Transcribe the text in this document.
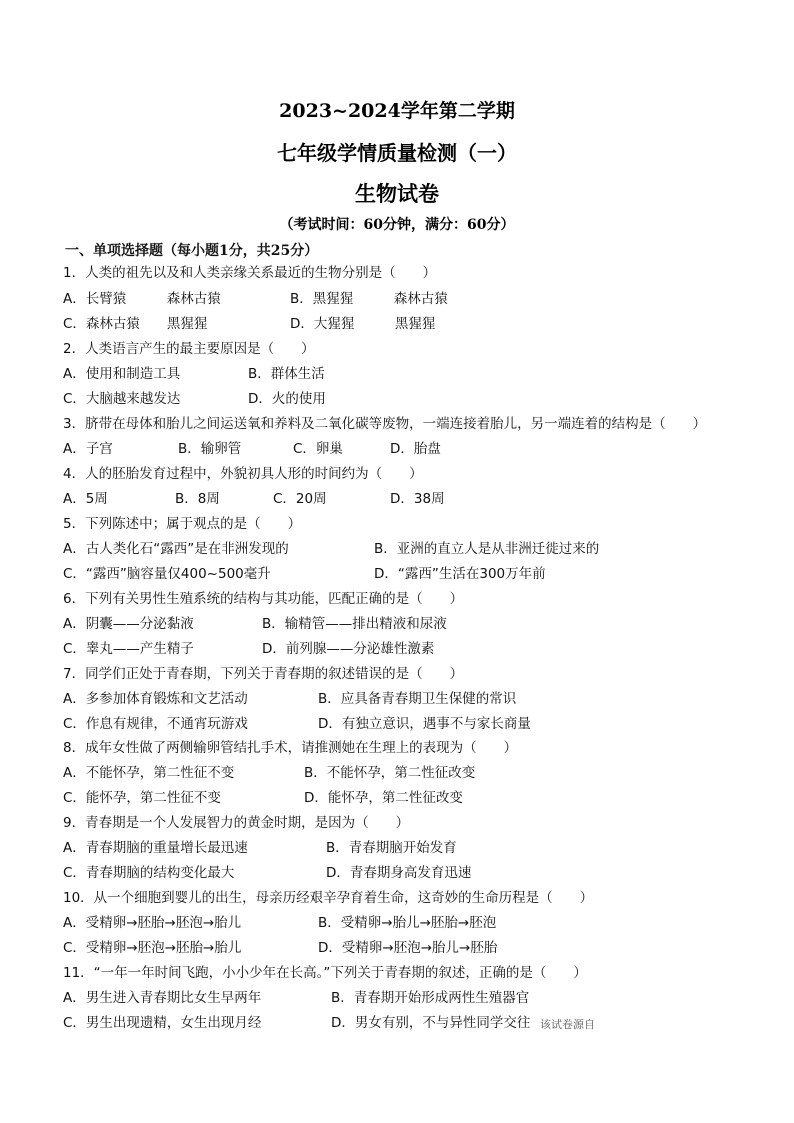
2023~2024学年第二学期
七年级学情质量检测（一）
生物试卷
（考试时间：60分钟，满分：60分）
一、单项选择题（每小题1分，共25分）
1．人类的祖先以及和人类亲缘关系最近的生物分别是（　　）
A．长臂猿　　　森林古猿	B．黑猩猩　　　森林古猿
C．森林古猿　　黑猩猩	D．大猩猩　　　黑猩猩
2．人类语言产生的最主要原因是（　　）
A．使用和制造工具	B．群体生活
C．大脑越来越发达	D．火的使用
3．脐带在母体和胎儿之间运送氧和养料及二氧化碳等废物，一端连接着胎儿，另一端连着的结构是（　　）
A．子宫	B．输卵管	C．卵巢	D．胎盘
4．人的胚胎发育过程中，外貌初具人形的时间约为（　　）
A．5周	B．8周	C．20周	D．38周
5．下列陈述中；属于观点的是（　　）
A．古人类化石“露西”是在非洲发现的	B．亚洲的直立人是从非洲迁徙过来的
C．“露西”脑容量仅400~500毫升	D．“露西”生活在300万年前
6．下列有关男性生殖系统的结构与其功能，匹配正确的是（　　）
A．阴囊——分泌黏液	B．输精管——排出精液和尿液
C．睾丸——产生精子	D．前列腺——分泌雄性激素
7．同学们正处于青春期，下列关于青春期的叙述错误的是（　　）
A．多参加体育锻炼和文艺活动	B．应具备青春期卫生保健的常识
C．作息有规律，不通宵玩游戏	D．有独立意识，遇事不与家长商量
8．成年女性做了两侧输卵管结扎手术，请推测她在生理上的表现为（　　）
A．不能怀孕，第二性征不变	B．不能怀孕，第二性征改变
C．能怀孕，第二性征不变	D．能怀孕，第二性征改变
9．青春期是一个人发展智力的黄金时期，是因为（　　）
A．青春期脑的重量增长最迅速	B．青春期脑开始发育
C．青春期脑的结构变化最大	D．青春期身高发育迅速
10．从一个细胞到婴儿的出生，母亲历经艰辛孕育着生命，这奇妙的生命历程是（　　）
A．受精卵→胚胎→胚泡→胎儿	B．受精卵→胎儿→胚胎→胚泡
C．受精卵→胚泡→胚胎→胎儿	D．受精卵→胚泡→胎儿→胚胎
11．“一年一年时间飞跑，小小少年在长高。”下列关于青春期的叙述，正确的是（　　）
A．男生进入青春期比女生早两年	B．青春期开始形成两性生殖器官
C．男生出现遗精，女生出现月经	D．男女有别，不与异性同学交往 该试卷源自
